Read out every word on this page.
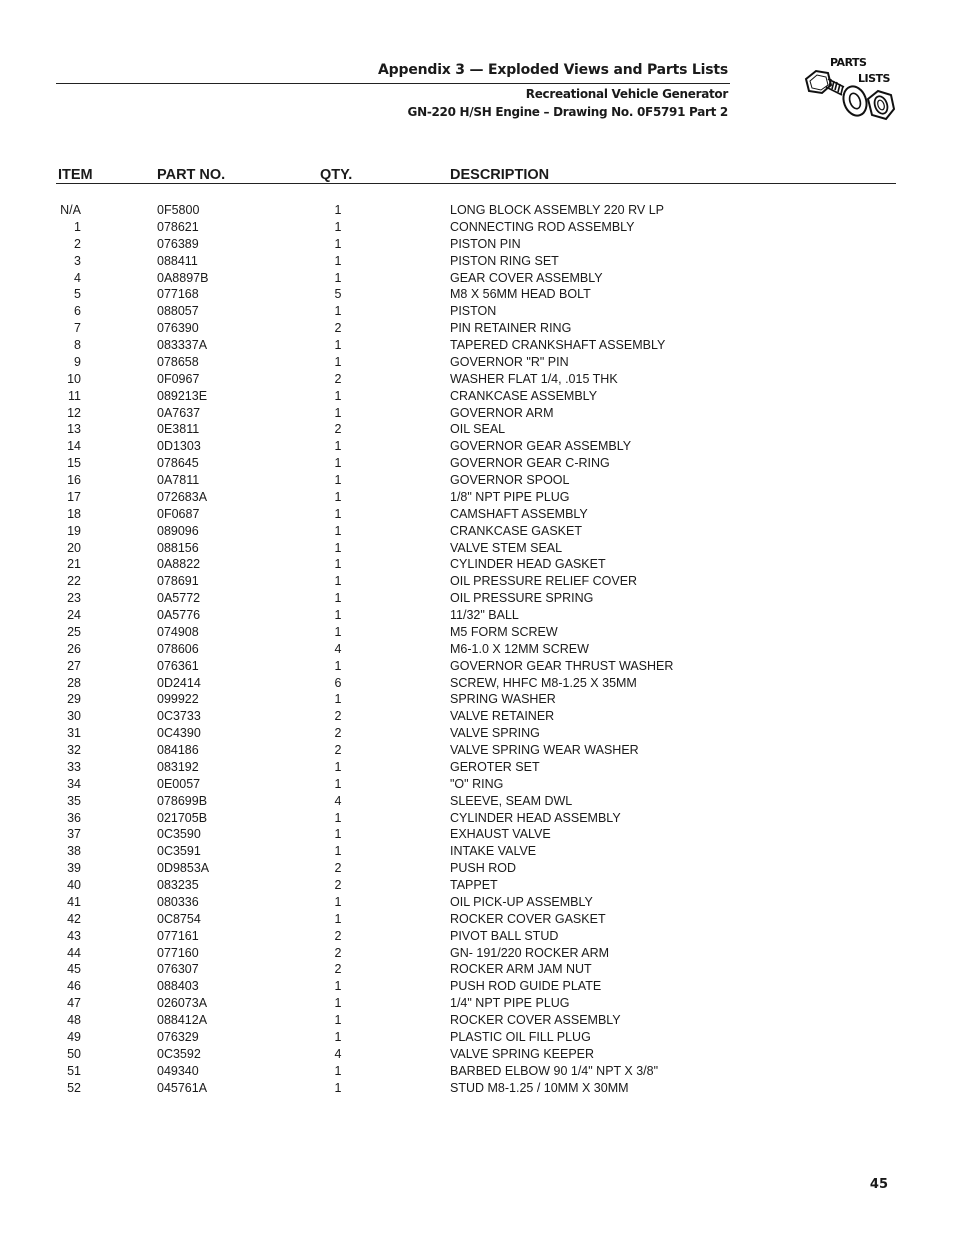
Appendix 3 — Exploded Views and Parts Lists
Recreational Vehicle Generator
GN-220 H/SH Engine – Drawing No. 0F5791 Part 2
PARTS
LISTS
ITEM	PART NO.	QTY.	DESCRIPTION
N/A	0F5800	1	LONG BLOCK ASSEMBLY 220 RV LP
1	078621	1	CONNECTING ROD ASSEMBLY
2	076389	1	PISTON PIN
3	088411	1	PISTON RING SET
4	0A8897B	1	GEAR COVER ASSEMBLY
5	077168	5	M8 X 56MM HEAD BOLT
6	088057	1	PISTON
7	076390	2	PIN RETAINER RING
8	083337A	1	TAPERED CRANKSHAFT ASSEMBLY
9	078658	1	GOVERNOR "R" PIN
10	0F0967	2	WASHER FLAT 1/4, .015 THK
11	089213E	1	CRANKCASE ASSEMBLY
12	0A7637	1	GOVERNOR ARM
13	0E3811	2	OIL SEAL
14	0D1303	1	GOVERNOR GEAR ASSEMBLY
15	078645	1	GOVERNOR GEAR C-RING
16	0A7811	1	GOVERNOR SPOOL
17	072683A	1	1/8" NPT PIPE PLUG
18	0F0687	1	CAMSHAFT ASSEMBLY
19	089096	1	CRANKCASE GASKET
20	088156	1	VALVE STEM SEAL
21	0A8822	1	CYLINDER HEAD GASKET
22	078691	1	OIL PRESSURE RELIEF COVER
23	0A5772	1	OIL PRESSURE SPRING
24	0A5776	1	11/32" BALL
25	074908	1	M5 FORM SCREW
26	078606	4	M6-1.0 X 12MM SCREW
27	076361	1	GOVERNOR GEAR THRUST WASHER
28	0D2414	6	SCREW, HHFC M8-1.25 X 35MM
29	099922	1	SPRING WASHER
30	0C3733	2	VALVE RETAINER
31	0C4390	2	VALVE SPRING
32	084186	2	VALVE SPRING WEAR WASHER
33	083192	1	GEROTER SET
34	0E0057	1	"O" RING
35	078699B	4	SLEEVE, SEAM DWL
36	021705B	1	CYLINDER HEAD ASSEMBLY
37	0C3590	1	EXHAUST VALVE
38	0C3591	1	INTAKE VALVE
39	0D9853A	2	PUSH ROD
40	083235	2	TAPPET
41	080336	1	OIL PICK-UP ASSEMBLY
42	0C8754	1	ROCKER COVER GASKET
43	077161	2	PIVOT BALL STUD
44	077160	2	GN- 191/220 ROCKER ARM
45	076307	2	ROCKER ARM JAM NUT
46	088403	1	PUSH ROD GUIDE PLATE
47	026073A	1	1/4" NPT PIPE PLUG
48	088412A	1	ROCKER COVER ASSEMBLY
49	076329	1	PLASTIC OIL FILL PLUG
50	0C3592	4	VALVE SPRING KEEPER
51	049340	1	BARBED ELBOW 90 1/4" NPT X 3/8"
52	045761A	1	STUD M8-1.25 / 10MM X 30MM
45
